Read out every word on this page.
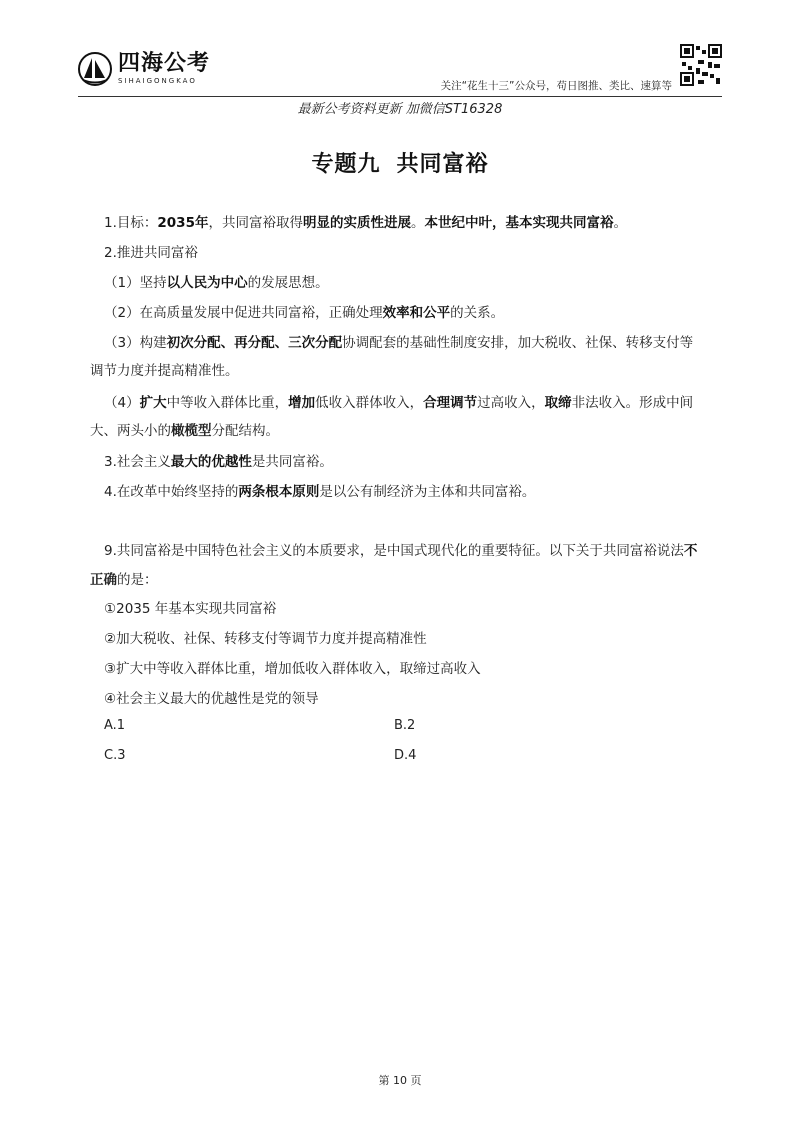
四海公考
SIHAIGONGKAO	关注“花生十三”公众号，苟日图推、类比、速算等
最新公考资料更新 加微信ST16328
专题九 共同富裕
1.目标：2035年，共同富裕取得明显的实质性进展。本世纪中叶，基本实现共同富裕。
2.推进共同富裕
（1）坚持以人民为中心的发展思想。
（2）在高质量发展中促进共同富裕，正确处理效率和公平的关系。
（3）构建初次分配、再分配、三次分配协调配套的基础性制度安排，加大税收、社保、转移支付等
调节力度并提高精准性。
（4）扩大中等收入群体比重，增加低收入群体收入，合理调节过高收入，取缔非法收入。形成中间
大、两头小的橄榄型分配结构。
3.社会主义最大的优越性是共同富裕。
4.在改革中始终坚持的两条根本原则是以公有制经济为主体和共同富裕。
9.共同富裕是中国特色社会主义的本质要求，是中国式现代化的重要特征。以下关于共同富裕说法不
正确的是：
①2035 年基本实现共同富裕
②加大税收、社保、转移支付等调节力度并提高精准性
③扩大中等收入群体比重，增加低收入群体收入，取缔过高收入
④社会主义最大的优越性是党的领导
A.1	B.2
C.3	D.4
第 10 页
